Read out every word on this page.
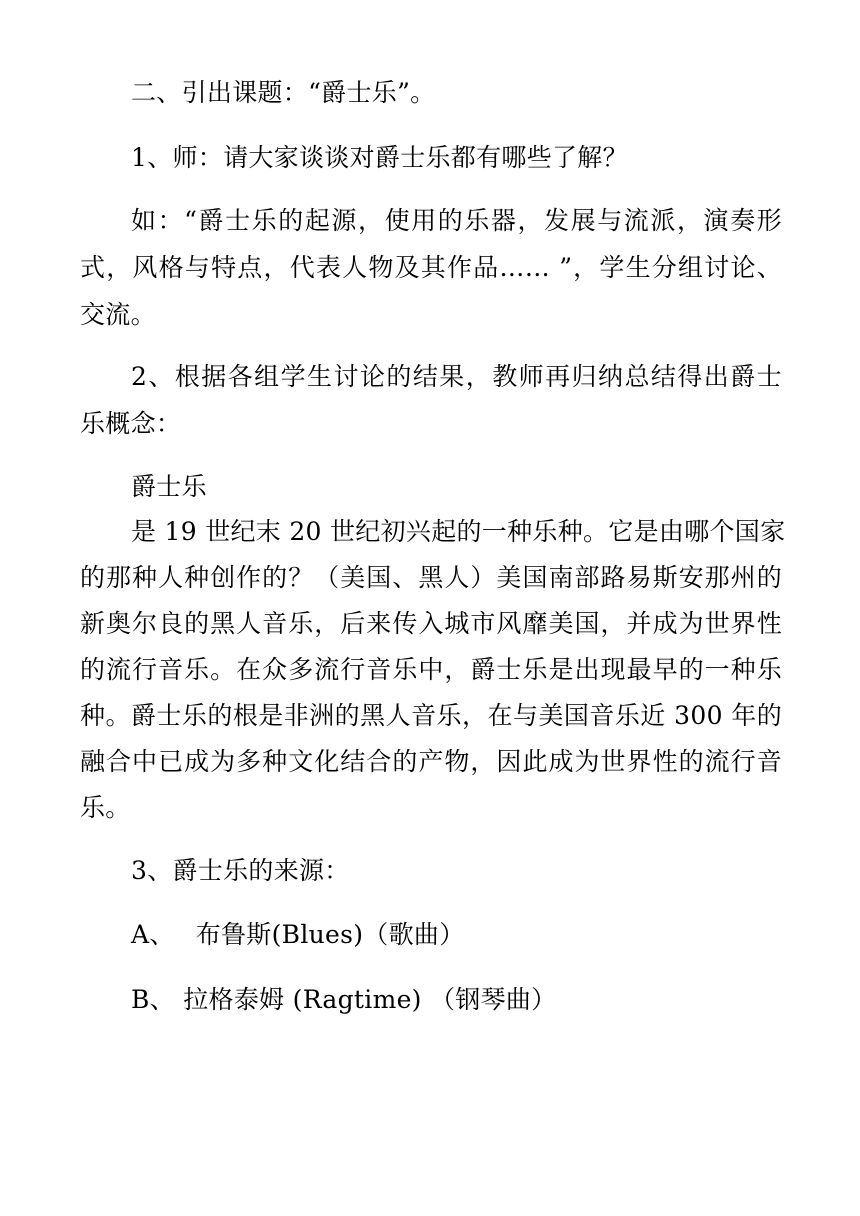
二、引出课题：“爵士乐”。
1、师：请大家谈谈对爵士乐都有哪些了解？
如：“爵士乐的起源，使用的乐器，发展与流派，演奏形
式，风格与特点，代表人物及其作品…… ”，学生分组讨论、
交流。
2、根据各组学生讨论的结果，教师再归纳总结得出爵士
乐概念：
爵士乐
是 19 世纪末 20 世纪初兴起的一种乐种。它是由哪个国家
的那种人种创作的？（美国、黑人）美国南部路易斯安那州的
新奥尔良的黑人音乐，后来传入城市风靡美国，并成为世界性
的流行音乐。在众多流行音乐中，爵士乐是出现最早的一种乐
种。爵士乐的根是非洲的黑人音乐，在与美国音乐近 300 年的
融合中已成为多种文化结合的产物，因此成为世界性的流行音
乐。
3、爵士乐的来源：
A、　 布鲁斯(Blues)（歌曲）
B、 拉格泰姆 (Ragtime) （钢琴曲）
